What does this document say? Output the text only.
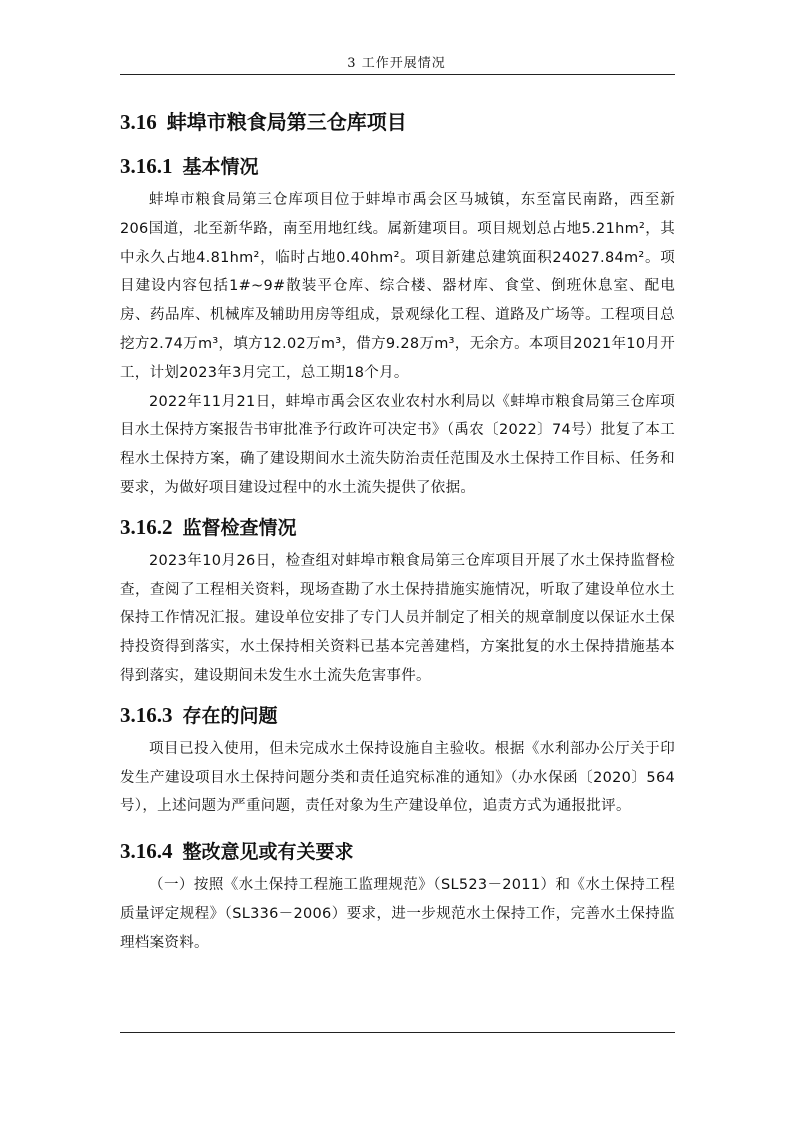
3 工作开展情况
3.16 蚌埠市粮食局第三仓库项目
3.16.1 基本情况

蚌埠市粮食局第三仓库项目位于蚌埠市禹会区马城镇，东至富民南路，西至新206国道，北至新华路，南至用地红线。属新建项目。项目规划总占地5.21hm²，其中永久占地4.81hm²，临时占地0.40hm²。项目新建总建筑面积24027.84m²。项目建设内容包括1#~9#散装平仓库、综合楼、器材库、食堂、倒班休息室、配电房、药品库、机械库及辅助用房等组成，景观绿化工程、道路及广场等。工程项目总挖方2.74万m³，填方12.02万m³，借方9.28万m³，无余方。本项目2021年10月开工，计划2023年3月完工，总工期18个月。

2022年11月21日，蚌埠市禹会区农业农村水利局以《蚌埠市粮食局第三仓库项目水土保持方案报告书审批准予行政许可决定书》（禹农〔2022〕74号）批复了本工程水土保持方案，确了建设期间水土流失防治责任范围及水土保持工作目标、任务和要求，为做好项目建设过程中的水土流失提供了依据。

3.16.2 监督检查情况

2023年10月26日，检查组对蚌埠市粮食局第三仓库项目开展了水土保持监督检查，查阅了工程相关资料，现场查勘了水土保持措施实施情况，听取了建设单位水土保持工作情况汇报。建设单位安排了专门人员并制定了相关的规章制度以保证水土保持投资得到落实，水土保持相关资料已基本完善建档，方案批复的水土保持措施基本得到落实，建设期间未发生水土流失危害事件。

3.16.3 存在的问题

项目已投入使用，但未完成水土保持设施自主验收。根据《水利部办公厅关于印发生产建设项目水土保持问题分类和责任追究标准的通知》（办水保函〔2020〕564号），上述问题为严重问题，责任对象为生产建设单位，追责方式为通报批评。

3.16.4 整改意见或有关要求

（一）按照《水土保持工程施工监理规范》（SL523－2011）和《水土保持工程质量评定规程》（SL336－2006）要求，进一步规范水土保持工作，完善水土保持监理档案资料。
